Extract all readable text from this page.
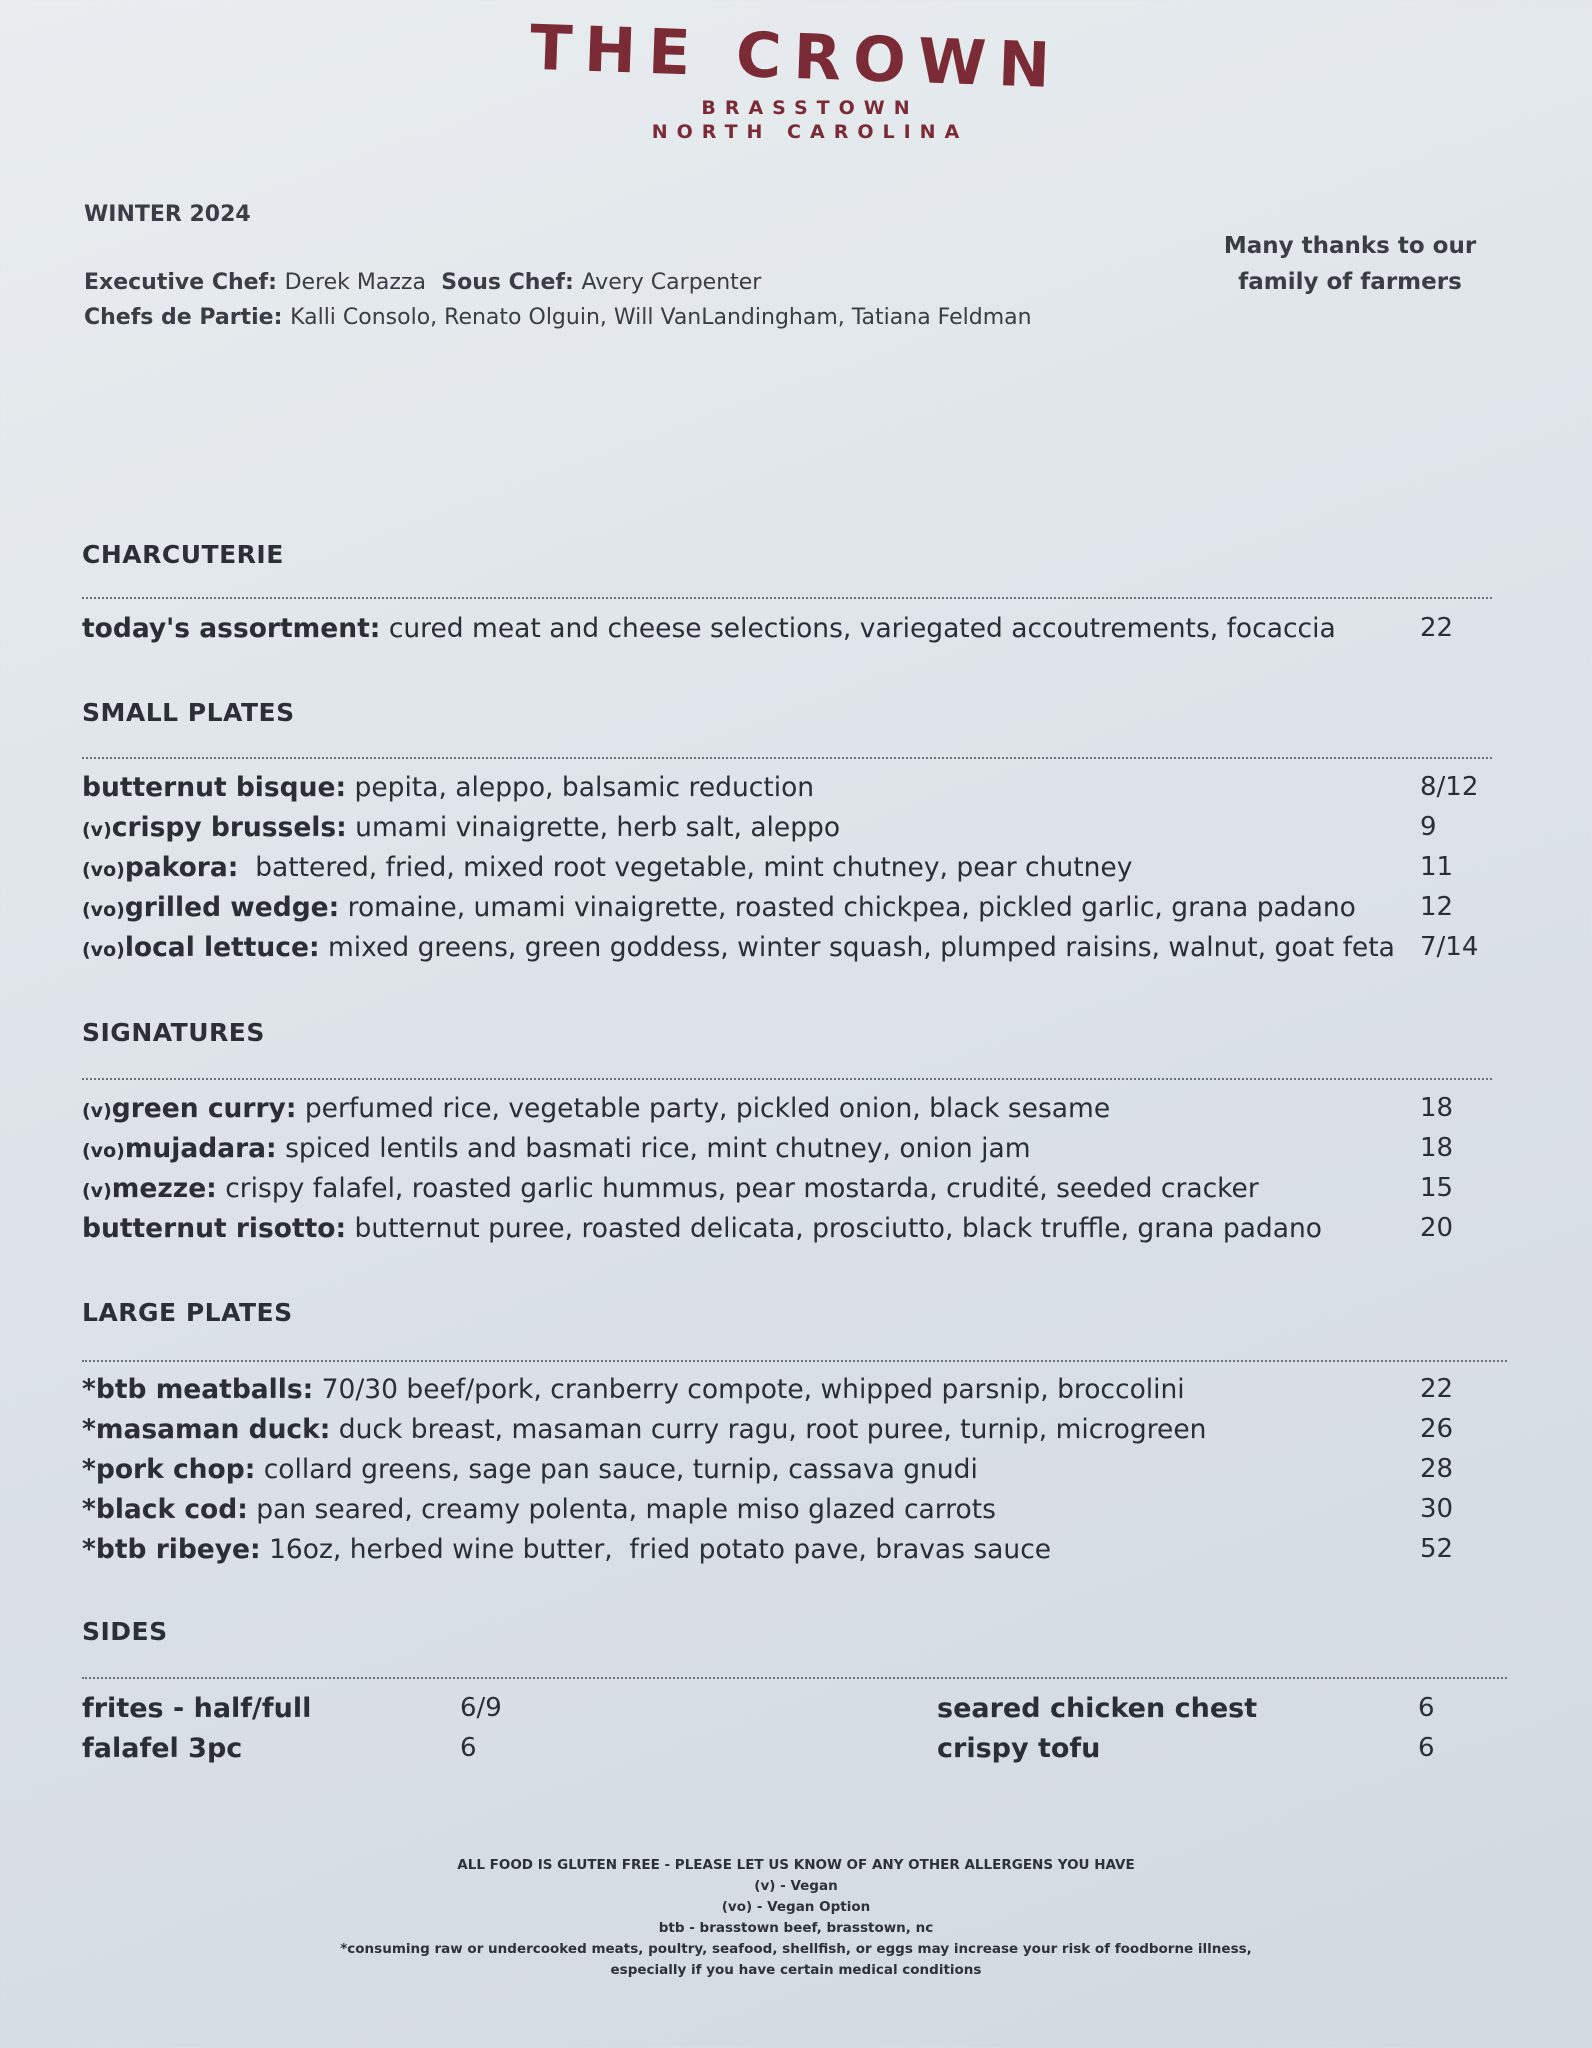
THE CROWN
BRASSTOWN
NORTH CAROLINA
WINTER 2024
Executive Chef: Derek Mazza Sous Chef: Avery Carpenter
Chefs de Partie: Kalli Consolo, Renato Olguin, Will VanLandingham, Tatiana Feldman
Many thanks to our
family of farmers
CHARCUTERIE
today's assortment: cured meat and cheese selections, variegated accoutrements, focaccia	22
SMALL PLATES
butternut bisque: pepita, aleppo, balsamic reduction	8/12
(v)crispy brussels: umami vinaigrette, herb salt, aleppo	9
(vo)pakora:  battered, fried, mixed root vegetable, mint chutney, pear chutney	11
(vo)grilled wedge: romaine, umami vinaigrette, roasted chickpea, pickled garlic, grana padano 12
(vo)local lettuce: mixed greens, green goddess, winter squash, plumped raisins, walnut, goat feta 7/14
SIGNATURES
(v)green curry: perfumed rice, vegetable party, pickled onion, black sesame	18
(vo)mujadara: spiced lentils and basmati rice, mint chutney, onion jam	18
(v)mezze: crispy falafel, roasted garlic hummus, pear mostarda, crudité, seeded cracker	15
butternut risotto: butternut puree, roasted delicata, prosciutto, black truffle, grana padano	20
LARGE PLATES
*btb meatballs: 70/30 beef/pork, cranberry compote, whipped parsnip, broccolini	22
*masaman duck: duck breast, masaman curry ragu, root puree, turnip, microgreen	26
*pork chop: collard greens, sage pan sauce, turnip, cassava gnudi	28
*black cod: pan seared, creamy polenta, maple miso glazed carrots	30
*btb ribeye: 16oz, herbed wine butter,  fried potato pave, bravas sauce	52
SIDES
frites - half/full	6/9
falafel 3pc	6
seared chicken chest	6
crispy tofu	6
ALL FOOD IS GLUTEN FREE - PLEASE LET US KNOW OF ANY OTHER ALLERGENS YOU HAVE
(v) - Vegan
(vo) - Vegan Option
btb - brasstown beef, brasstown, nc
*consuming raw or undercooked meats, poultry, seafood, shellfish, or eggs may increase your risk of foodborne illness,
especially if you have certain medical conditions
